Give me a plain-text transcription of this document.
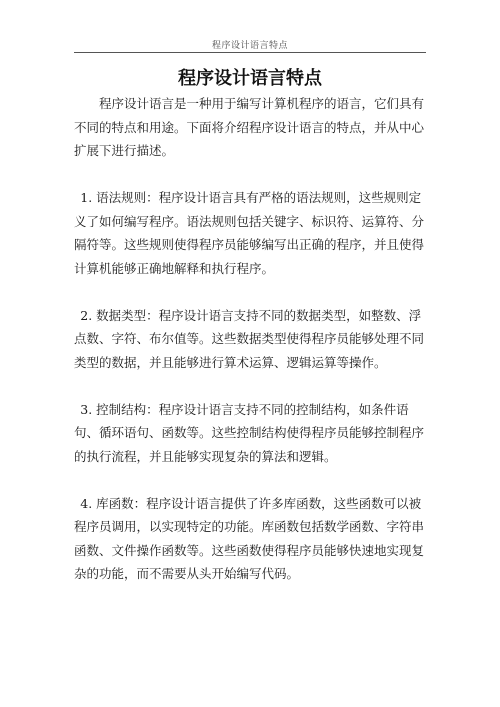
程序设计语言特点
程序设计语言特点

程序设计语言是一种用于编写计算机程序的语言，它们具有不同的特点和用途。下面将介绍程序设计语言的特点，并从中心扩展下进行描述。

1. 语法规则：程序设计语言具有严格的语法规则，这些规则定义了如何编写程序。语法规则包括关键字、标识符、运算符、分隔符等。这些规则使得程序员能够编写出正确的程序，并且使得计算机能够正确地解释和执行程序。

2. 数据类型：程序设计语言支持不同的数据类型，如整数、浮点数、字符、布尔值等。这些数据类型使得程序员能够处理不同类型的数据，并且能够进行算术运算、逻辑运算等操作。

3. 控制结构：程序设计语言支持不同的控制结构，如条件语句、循环语句、函数等。这些控制结构使得程序员能够控制程序的执行流程，并且能够实现复杂的算法和逻辑。

4. 库函数：程序设计语言提供了许多库函数，这些函数可以被程序员调用，以实现特定的功能。库函数包括数学函数、字符串函数、文件操作函数等。这些函数使得程序员能够快速地实现复杂的功能，而不需要从头开始编写代码。
